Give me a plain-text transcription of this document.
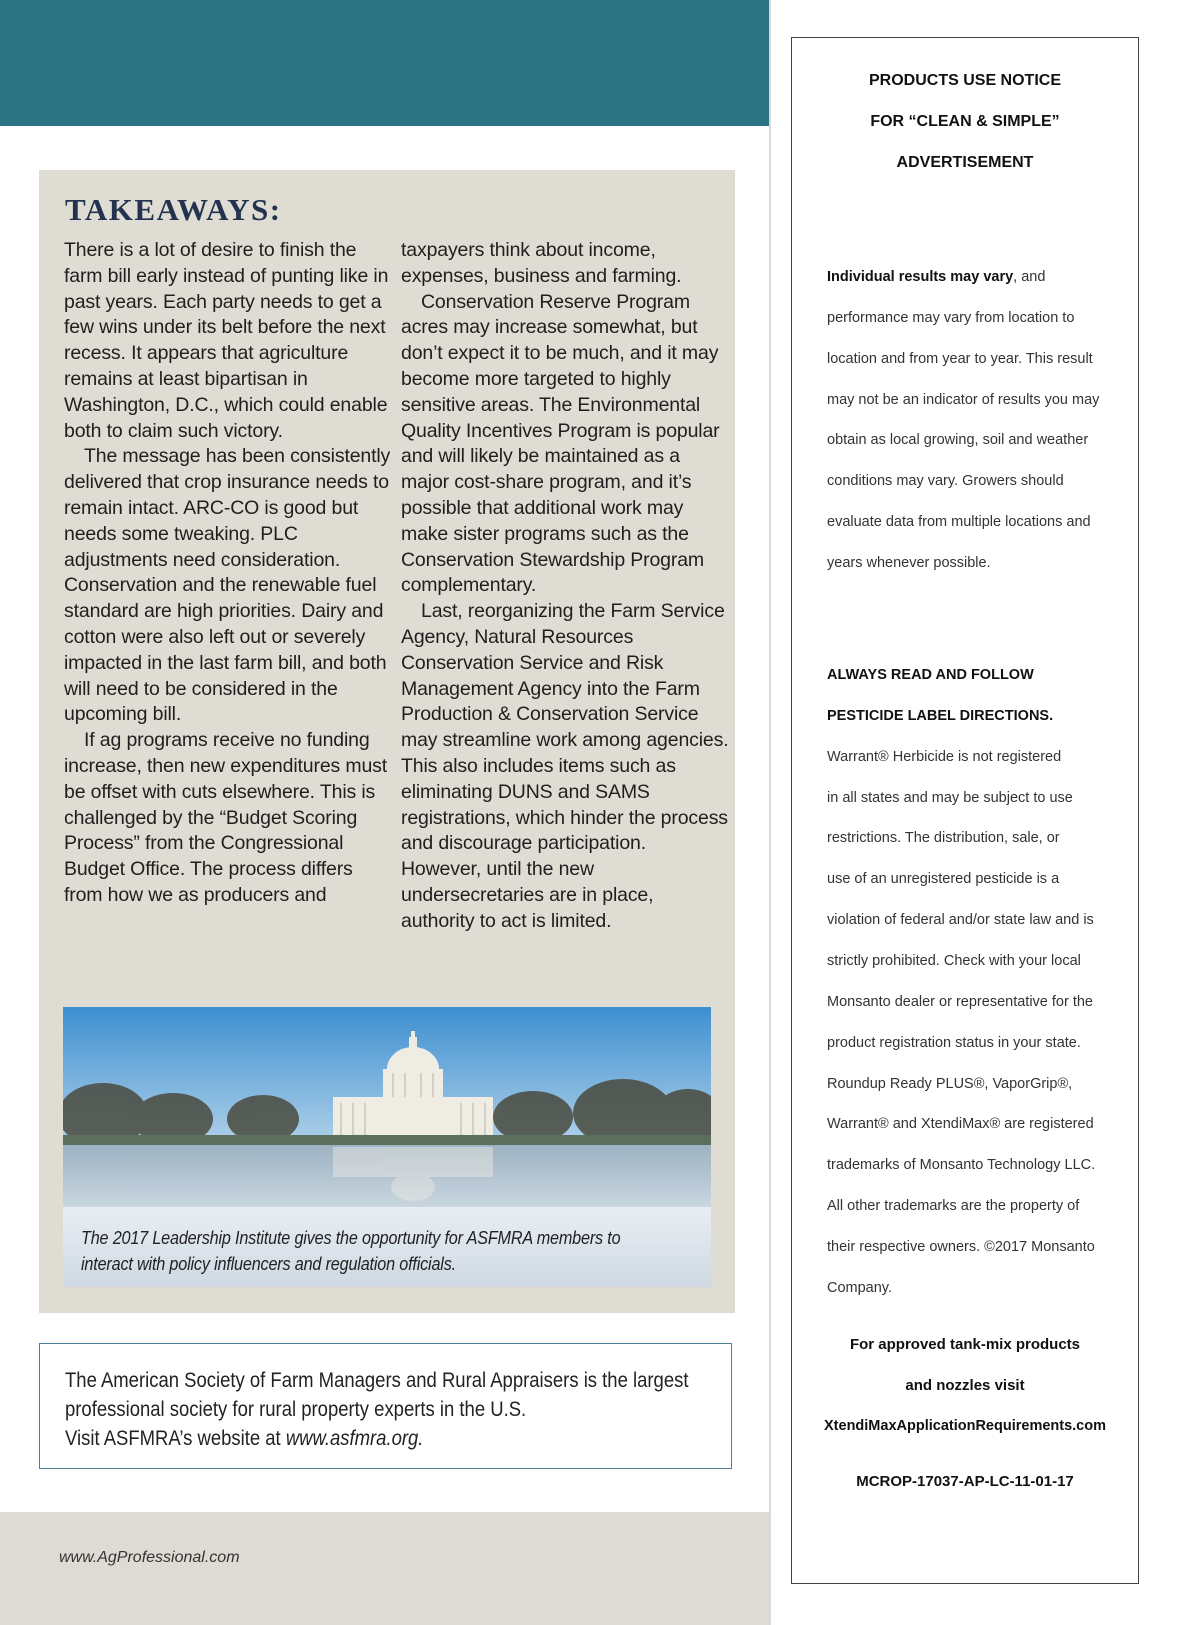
TAKEAWAYS:

There is a lot of desire to finish the farm bill early instead of punting like in past years. Each party needs to get a few wins under its belt before the next recess. It appears that agriculture remains at least bipartisan in Washington, D.C., which could enable both to claim such victory.

The message has been consistently delivered that crop insurance needs to remain intact. ARC-CO is good but needs some tweaking. PLC adjustments need consideration. Conservation and the renewable fuel standard are high priorities. Dairy and cotton were also left out or severely impacted in the last farm bill, and both will need to be considered in the upcoming bill.

If ag programs receive no funding increase, then new expenditures must be offset with cuts elsewhere. This is challenged by the “Budget Scoring Process” from the Congressional Budget Office. The process differs from how we as producers and

taxpayers think about income, expenses, business and farming.

Conservation Reserve Program acres may increase somewhat, but don’t expect it to be much, and it may become more targeted to highly sensitive areas. The Environmental Quality Incentives Program is popular and will likely be maintained as a major cost-share program, and it’s possible that additional work may make sister programs such as the Conservation Stewardship Program complementary.

Last, reorganizing the Farm Service Agency, Natural Resources Conservation Service and Risk Management Agency into the Farm Production & Conservation Service may streamline work among agencies. This also includes items such as eliminating DUNS and SAMS registrations, which hinder the process and discourage participation. However, until the new undersecretaries are in place, authority to act is limited.

The 2017 Leadership Institute gives the opportunity for ASFMRA members to interact with policy influencers and regulation officials.
The American Society of Farm Managers and Rural Appraisers is the largest
professional society for rural property experts in the U.S.
Visit ASFMRA’s website at www.asfmra.org.
www.AgProfessional.com
PRODUCTS USE NOTICE
FOR “CLEAN & SIMPLE”
ADVERTISEMENT
Individual results may vary, and
performance may vary from location to
location and from year to year. This result
may not be an indicator of results you may
obtain as local growing, soil and weather
conditions may vary. Growers should
evaluate data from multiple locations and
years whenever possible.
ALWAYS READ AND FOLLOW
PESTICIDE LABEL DIRECTIONS.
Warrant® Herbicide is not registered
in all states and may be subject to use
restrictions. The distribution, sale, or
use of an unregistered pesticide is a
violation of federal and/or state law and is
strictly prohibited. Check with your local
Monsanto dealer or representative for the
product registration status in your state.
Roundup Ready PLUS®, VaporGrip®,
Warrant® and XtendiMax® are registered
trademarks of Monsanto Technology LLC.
All other trademarks are the property of
their respective owners. ©2017 Monsanto
Company.
For approved tank-mix products
and nozzles visit
XtendiMaxApplicationRequirements.com
MCROP-17037-AP-LC-11-01-17
